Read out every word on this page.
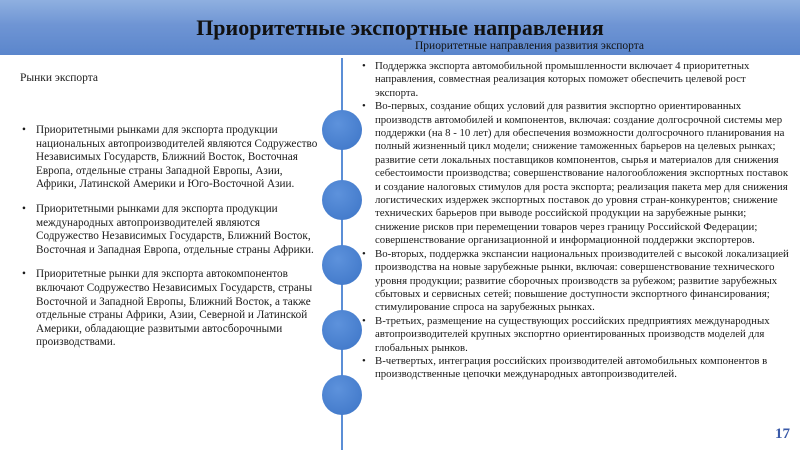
Приоритетные экспортные направления
Приоритетные направления развития экспорта
Рынки экспорта
• Приоритетными рынками для экспорта продукции национальных автопроизводителей являются Содружество Независимых Государств, Ближний Восток, Восточная Европа, отдельные страны Западной Европы, Азии, Африки, Латинской Америки и Юго-Восточной Азии.
• Приоритетными рынками для экспорта продукции международных автопроизводителей являются Содружество Независимых Государств, Ближний Восток, Восточная и Западная Европа, отдельные страны Африки.
• Приоритетные рынки для экспорта автокомпонентов включают Содружество Независимых Государств, страны Восточной и Западной Европы, Ближний Восток, а также отдельные страны Африки, Азии, Северной и Латинской Америки, обладающие развитыми автосборочными производствами.
• Поддержка экспорта автомобильной промышленности включает 4 приоритетных направления, совместная реализация которых поможет обеспечить целевой рост экспорта.
• Во-первых, создание общих условий для развития экспортно ориентированных производств автомобилей и компонентов, включая: создание долгосрочной системы мер поддержки (на 8 - 10 лет) для обеспечения возможности долгосрочного планирования на полный жизненный цикл модели; снижение таможенных барьеров на целевых рынках; развитие сети локальных поставщиков компонентов, сырья и материалов для снижения себестоимости производства; совершенствование налогообложения экспортных поставок и создание налоговых стимулов для роста экспорта; реализация пакета мер для снижения логистических издержек экспортных поставок до уровня стран-конкурентов; снижение технических барьеров при выводе российской продукции на зарубежные рынки; снижение рисков при перемещении товаров через границу Российской Федерации; совершенствование организационной и информационной поддержки экспортеров.
• Во-вторых, поддержка экспансии национальных производителей с высокой локализацией производства на новые зарубежные рынки, включая: совершенствование технического уровня продукции; развитие сборочных производств за рубежом; развитие зарубежных сбытовых и сервисных сетей; повышение доступности экспортного финансирования; стимулирование спроса на зарубежных рынках.
• В-третьих, размещение на существующих российских предприятиях международных автопроизводителей крупных экспортно ориентированных производств моделей для глобальных рынков.
• В-четвертых, интеграция российских производителей автомобильных компонентов в производственные цепочки международных автопроизводителей.
17
